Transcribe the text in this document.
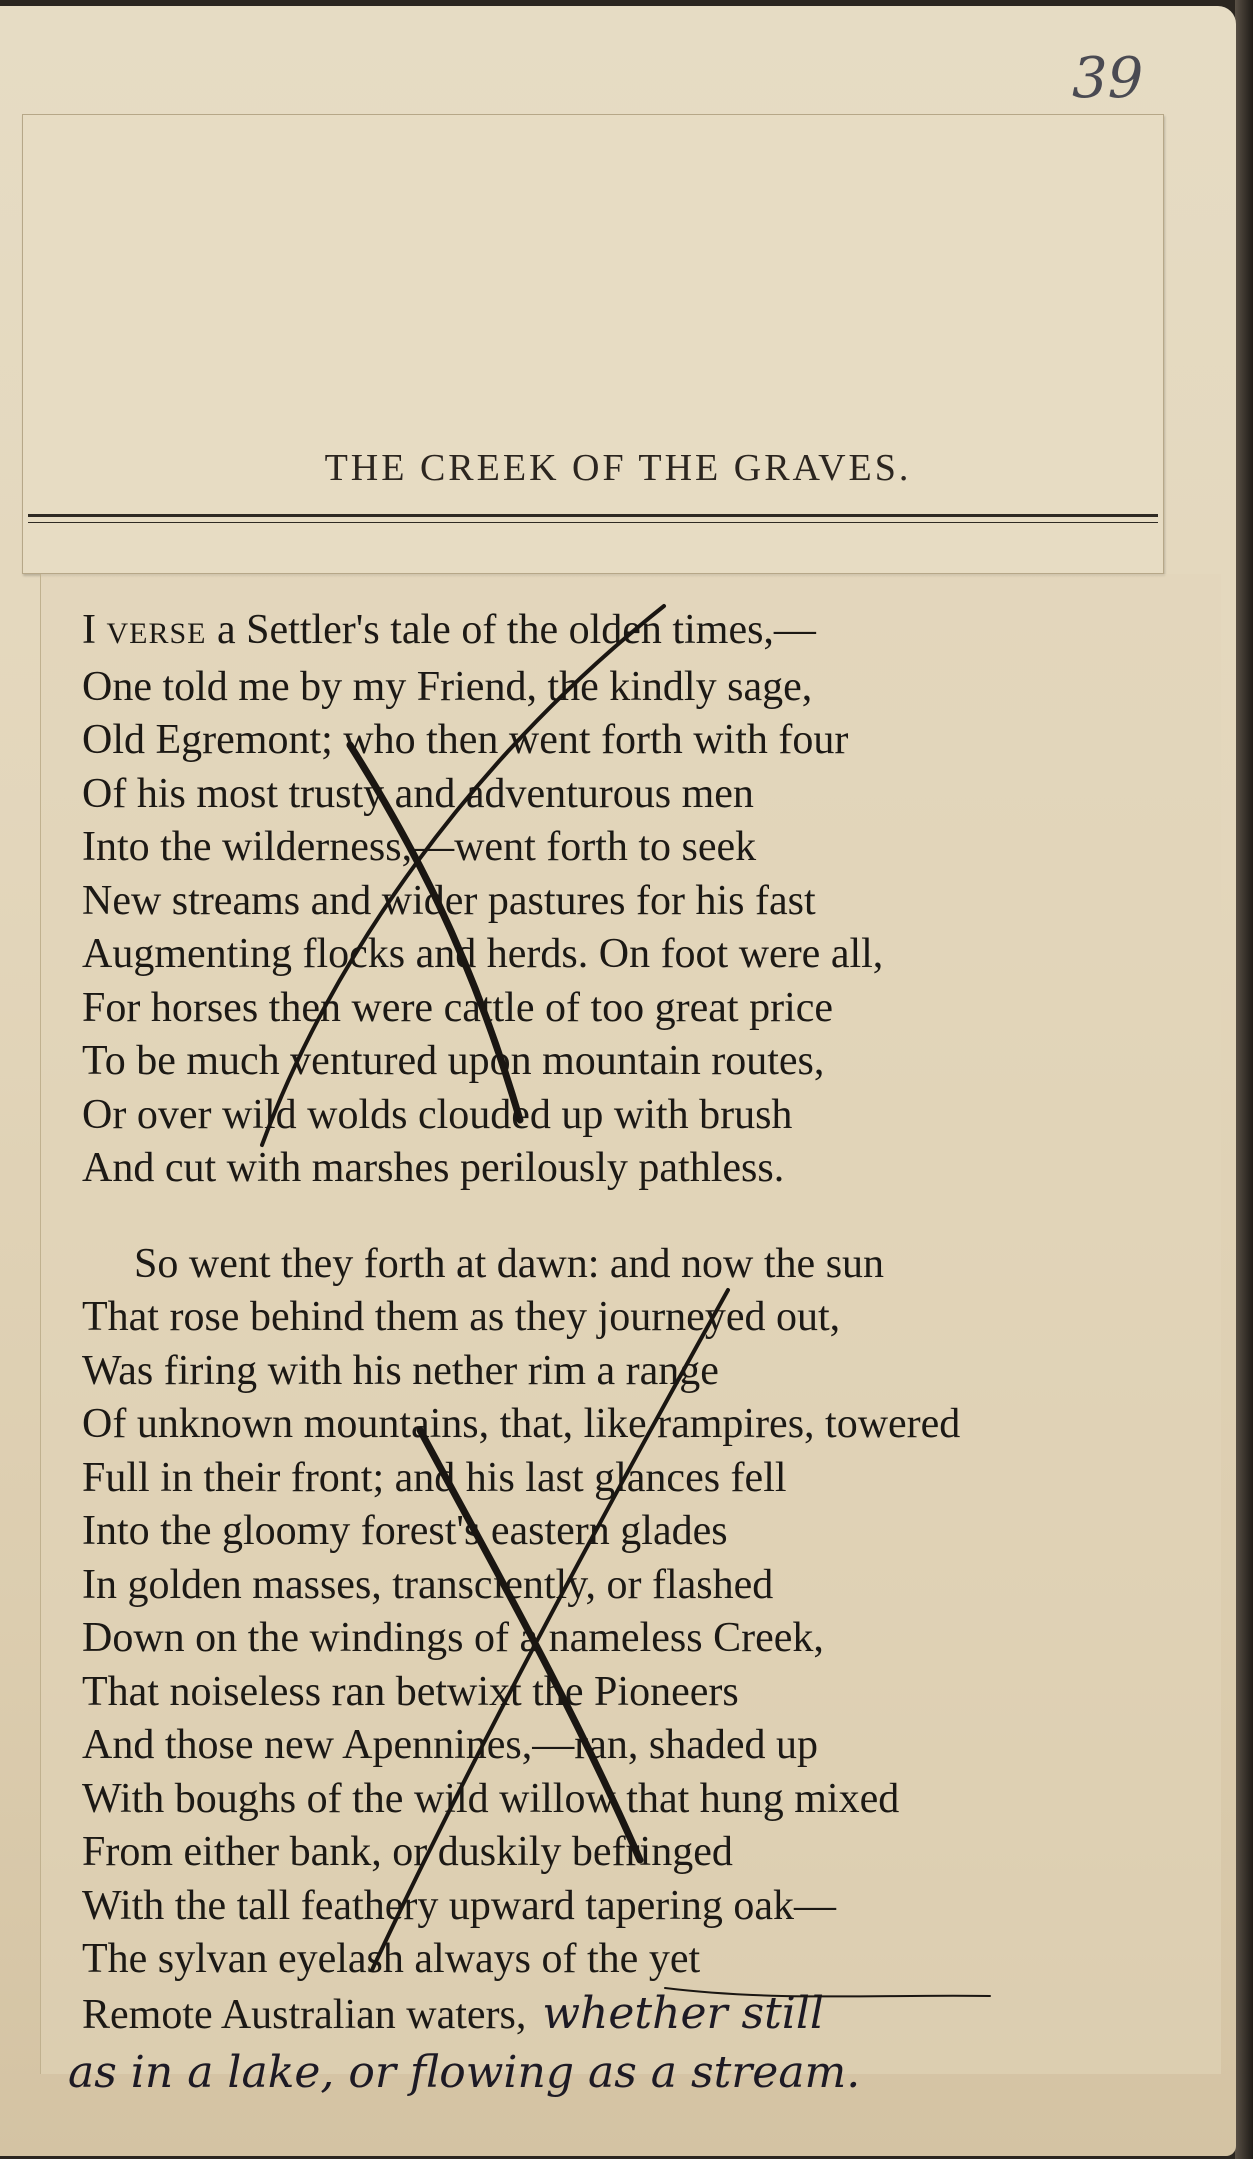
39
THE CREEK OF THE GRAVES.
I VERSE a Settler's tale of the olden times,—
One told me by my Friend, the kindly sage,
Old Egremont; who then went forth with four
Of his most trusty and adventurous men
Into the wilderness,—went forth to seek
New streams and wider pastures for his fast
Augmenting flocks and herds. On foot were all,
For horses then were cattle of too great price
To be much ventured upon mountain routes,
Or over wild wolds clouded up with brush
And cut with marshes perilously pathless.
So went they forth at dawn: and now the sun
That rose behind them as they journeyed out,
Was firing with his nether rim a range
Of unknown mountains, that, like rampires, towered
Full in their front; and his last glances fell
Into the gloomy forest's eastern glades
In golden masses, transciently, or flashed
Down on the windings of a nameless Creek,
That noiseless ran betwixt the Pioneers
And those new Apennines,—ran, shaded up
With boughs of the wild willow that hung mixed
From either bank, or duskily befringed
With the tall feathery upward tapering oak—
The sylvan eyelash always of the yet
Remote Australian waters, whether still
as in a lake, or flowing as a stream.
